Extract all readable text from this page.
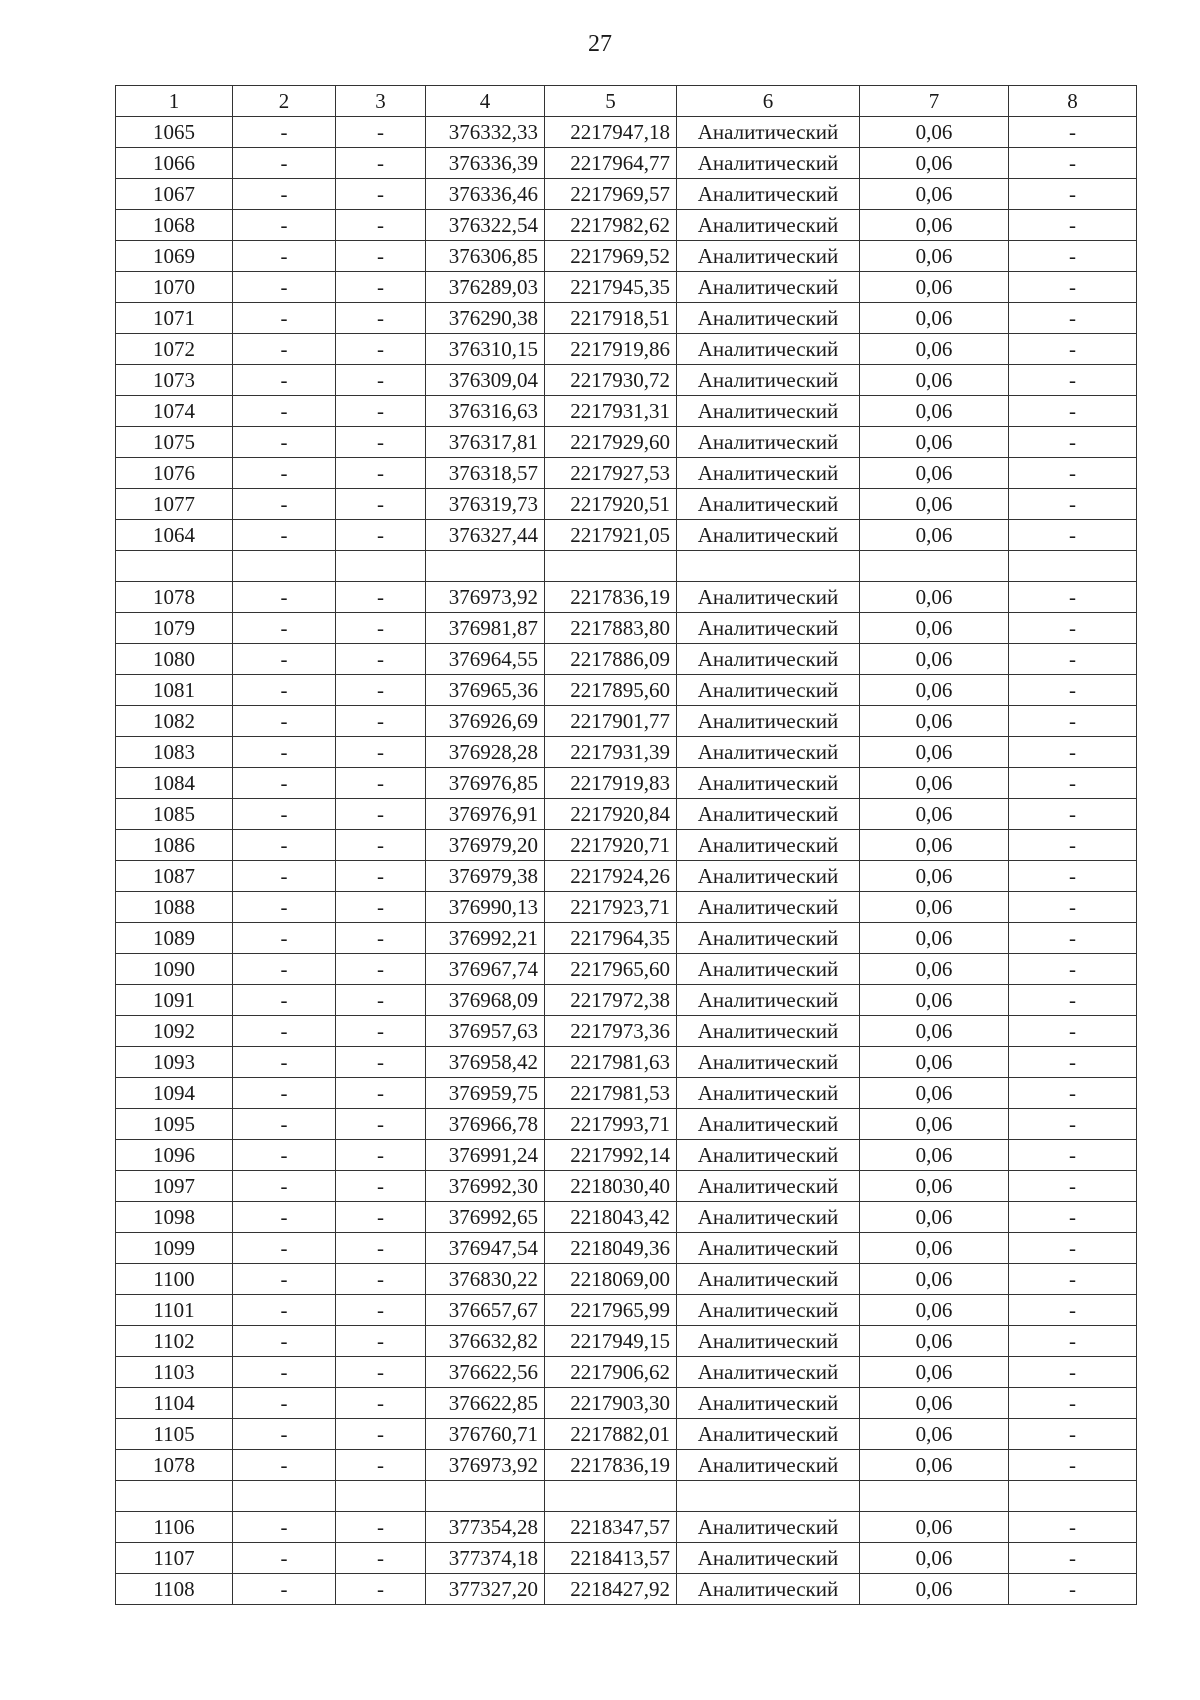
27
1	2	3	4	5	6	7	8
1065	-	-	376332,33	2217947,18	Аналитический	0,06	-
1066	-	-	376336,39	2217964,77	Аналитический	0,06	-
1067	-	-	376336,46	2217969,57	Аналитический	0,06	-
1068	-	-	376322,54	2217982,62	Аналитический	0,06	-
1069	-	-	376306,85	2217969,52	Аналитический	0,06	-
1070	-	-	376289,03	2217945,35	Аналитический	0,06	-
1071	-	-	376290,38	2217918,51	Аналитический	0,06	-
1072	-	-	376310,15	2217919,86	Аналитический	0,06	-
1073	-	-	376309,04	2217930,72	Аналитический	0,06	-
1074	-	-	376316,63	2217931,31	Аналитический	0,06	-
1075	-	-	376317,81	2217929,60	Аналитический	0,06	-
1076	-	-	376318,57	2217927,53	Аналитический	0,06	-
1077	-	-	376319,73	2217920,51	Аналитический	0,06	-
1064	-	-	376327,44	2217921,05	Аналитический	0,06	-

1078	-	-	376973,92	2217836,19	Аналитический	0,06	-
1079	-	-	376981,87	2217883,80	Аналитический	0,06	-
1080	-	-	376964,55	2217886,09	Аналитический	0,06	-
1081	-	-	376965,36	2217895,60	Аналитический	0,06	-
1082	-	-	376926,69	2217901,77	Аналитический	0,06	-
1083	-	-	376928,28	2217931,39	Аналитический	0,06	-
1084	-	-	376976,85	2217919,83	Аналитический	0,06	-
1085	-	-	376976,91	2217920,84	Аналитический	0,06	-
1086	-	-	376979,20	2217920,71	Аналитический	0,06	-
1087	-	-	376979,38	2217924,26	Аналитический	0,06	-
1088	-	-	376990,13	2217923,71	Аналитический	0,06	-
1089	-	-	376992,21	2217964,35	Аналитический	0,06	-
1090	-	-	376967,74	2217965,60	Аналитический	0,06	-
1091	-	-	376968,09	2217972,38	Аналитический	0,06	-
1092	-	-	376957,63	2217973,36	Аналитический	0,06	-
1093	-	-	376958,42	2217981,63	Аналитический	0,06	-
1094	-	-	376959,75	2217981,53	Аналитический	0,06	-
1095	-	-	376966,78	2217993,71	Аналитический	0,06	-
1096	-	-	376991,24	2217992,14	Аналитический	0,06	-
1097	-	-	376992,30	2218030,40	Аналитический	0,06	-
1098	-	-	376992,65	2218043,42	Аналитический	0,06	-
1099	-	-	376947,54	2218049,36	Аналитический	0,06	-
1100	-	-	376830,22	2218069,00	Аналитический	0,06	-
1101	-	-	376657,67	2217965,99	Аналитический	0,06	-
1102	-	-	376632,82	2217949,15	Аналитический	0,06	-
1103	-	-	376622,56	2217906,62	Аналитический	0,06	-
1104	-	-	376622,85	2217903,30	Аналитический	0,06	-
1105	-	-	376760,71	2217882,01	Аналитический	0,06	-
1078	-	-	376973,92	2217836,19	Аналитический	0,06	-

1106	-	-	377354,28	2218347,57	Аналитический	0,06	-
1107	-	-	377374,18	2218413,57	Аналитический	0,06	-
1108	-	-	377327,20	2218427,92	Аналитический	0,06	-
